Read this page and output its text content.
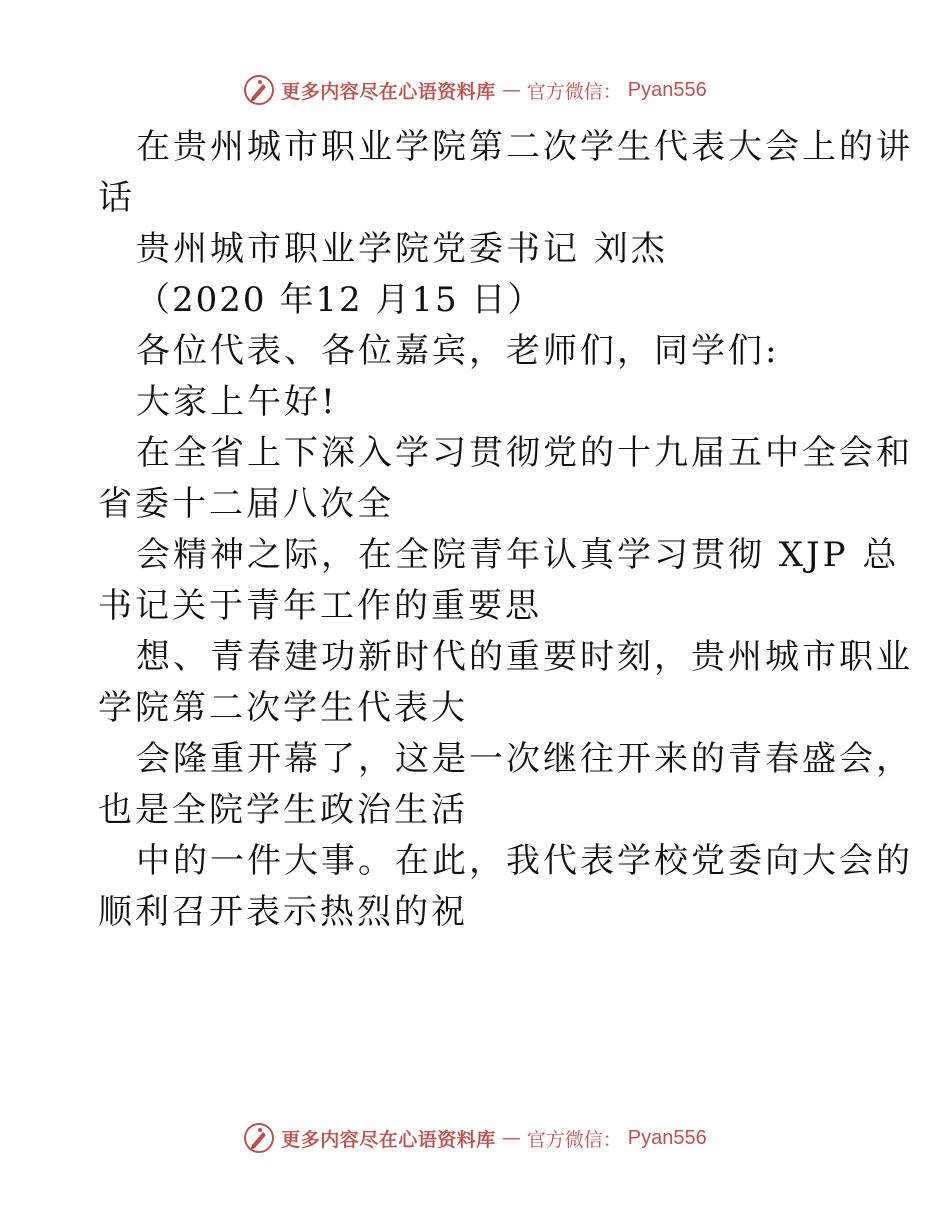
更多内容尽在心语资料库 — 官方微信： Pyan556
在贵州城市职业学院第二次学生代表大会上的讲
话
贵州城市职业学院党委书记 刘杰
（2020 年12 月15 日）
各位代表、各位嘉宾，老师们，同学们:
大家上午好!
在全省上下深入学习贯彻党的十九届五中全会和
省委十二届八次全
会精神之际，在全院青年认真学习贯彻 XJP 总
书记关于青年工作的重要思
想、青春建功新时代的重要时刻，贵州城市职业
学院第二次学生代表大
会隆重开幕了，这是一次继往开来的青春盛会，
也是全院学生政治生活
中的一件大事。在此，我代表学校党委向大会的
顺利召开表示热烈的祝
更多内容尽在心语资料库 — 官方微信： Pyan556
